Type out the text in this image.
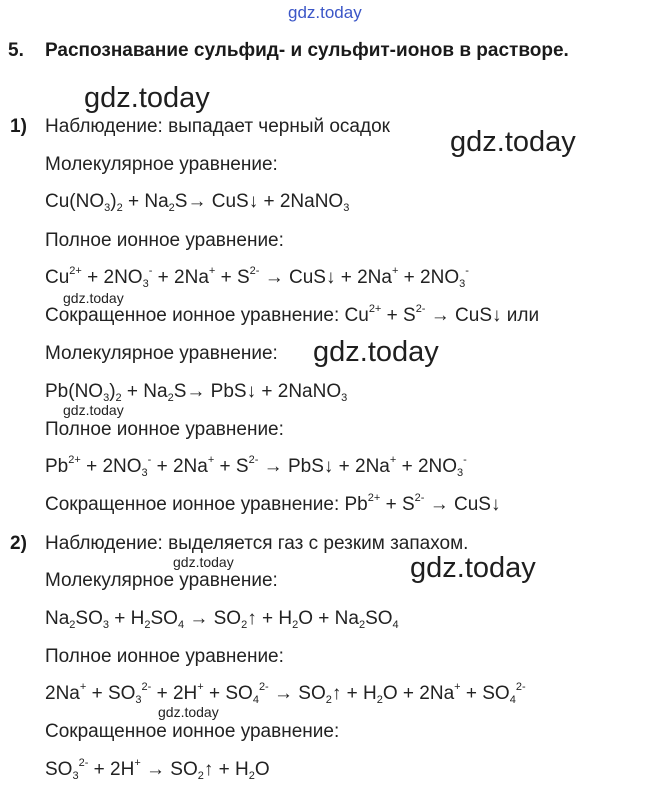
gdz.today
5. Распознавание сульфид- и сульфит-ионов в растворе.
gdz.today
gdz.today
gdz.today
gdz.today
gdz.today
gdz.today	gdz.today
gdz.today
1) Наблюдение: выпадает черный осадок
Молекулярное уравнение:
$Cu(NO_3)_2 + Na_2S\to$ CuS↓ + 2NaNO$_3$
Полное ионное уравнение:
$Cu^{2+} + 2NO_3^- + 2Na^+ + S^{2-}$ → CuS↓ + $2Na^+ + 2NO_3^-$
Сокращенное ионное уравнение: $Cu^{2+} + S^{2-}$ → CuS↓ или
Молекулярное уравнение:
$Pb(NO_3)_2 + Na_2S\to$ PbS↓ + 2NaNO$_3$
Полное ионное уравнение:
$Pb^{2+} + 2NO_3^- + 2Na^+ + S^{2-}$ → PbS↓ + $2Na^+ + 2NO_3^-$
Сокращенное ионное уравнение: $Pb^{2+} + S^{2-}$ → CuS↓
2) Наблюдение: выделяется газ с резким запахом.
Молекулярное уравнение:
$Na_2SO_3 + H_2SO_4$ → $SO_2↑ + H_2O + Na_2SO_4$
Полное ионное уравнение:
$2Na^+ + SO_3^{2-} + 2H^+ + SO_4^{2-}$ → $SO_2↑ + H_2O + 2Na^+ + SO_4^{2-}$
Сокращенное ионное уравнение:
$SO_3^{2-} + 2H^+$ → $SO_2↑ + H_2O$
